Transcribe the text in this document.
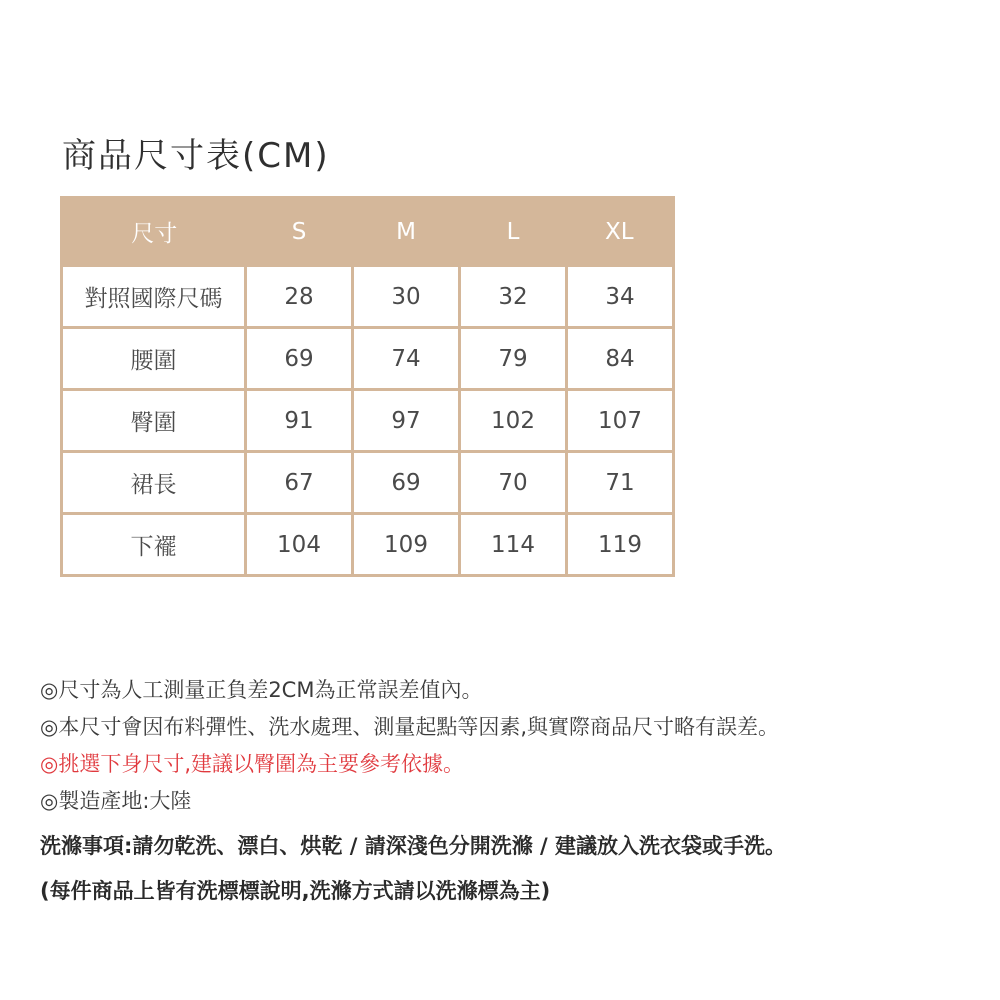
商品尺寸表(CM)
尺寸	S	M	L	XL
對照國際尺碼	28	30	32	34
腰圍	69	74	79	84
臀圍	91	97	102	107
裙長	67	69	70	71
下襬	104	109	114	119
◎尺寸為人工測量正負差2CM為正常誤差值內。
◎本尺寸會因布料彈性、洗水處理、測量起點等因素,與實際商品尺寸略有誤差。
◎挑選下身尺寸,建議以臀圍為主要參考依據。
◎製造產地:大陸
洗滌事項:請勿乾洗、漂白、烘乾 / 請深淺色分開洗滌 / 建議放入洗衣袋或手洗。
(每件商品上皆有洗標標說明,洗滌方式請以洗滌標為主)
